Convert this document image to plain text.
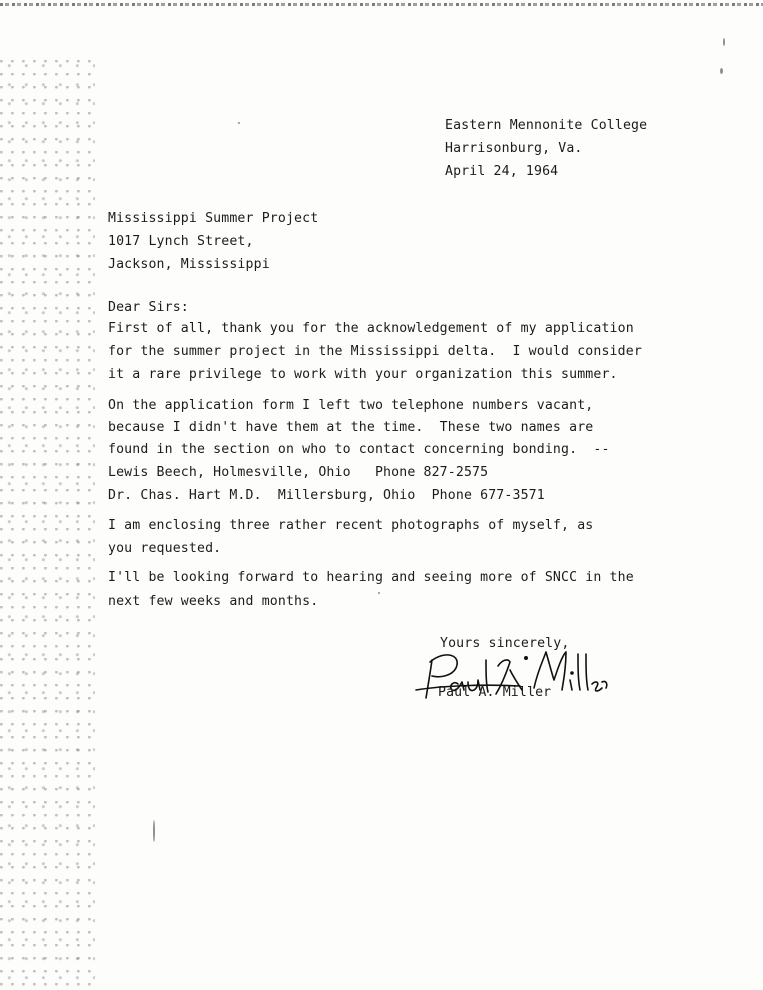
Eastern Mennonite College
Harrisonburg, Va.
April 24, 1964
Mississippi Summer Project
1017 Lynch Street,
Jackson, Mississippi
Dear Sirs:
First of all, thank you for the acknowledgement of my application
for the summer project in the Mississippi delta.  I would consider
it a rare privilege to work with your organization this summer.
On the application form I left two telephone numbers vacant,
because I didn't have them at the time.  These two names are
found in the section on who to contact concerning bonding.  --
Lewis Beech, Holmesville, Ohio   Phone 827-2575
Dr. Chas. Hart M.D.  Millersburg, Ohio  Phone 677-3571
I am enclosing three rather recent photographs of myself, as
you requested.
I'll be looking forward to hearing and seeing more of SNCC in the
next few weeks and months.
Yours sincerely,
Paul A. Miller
